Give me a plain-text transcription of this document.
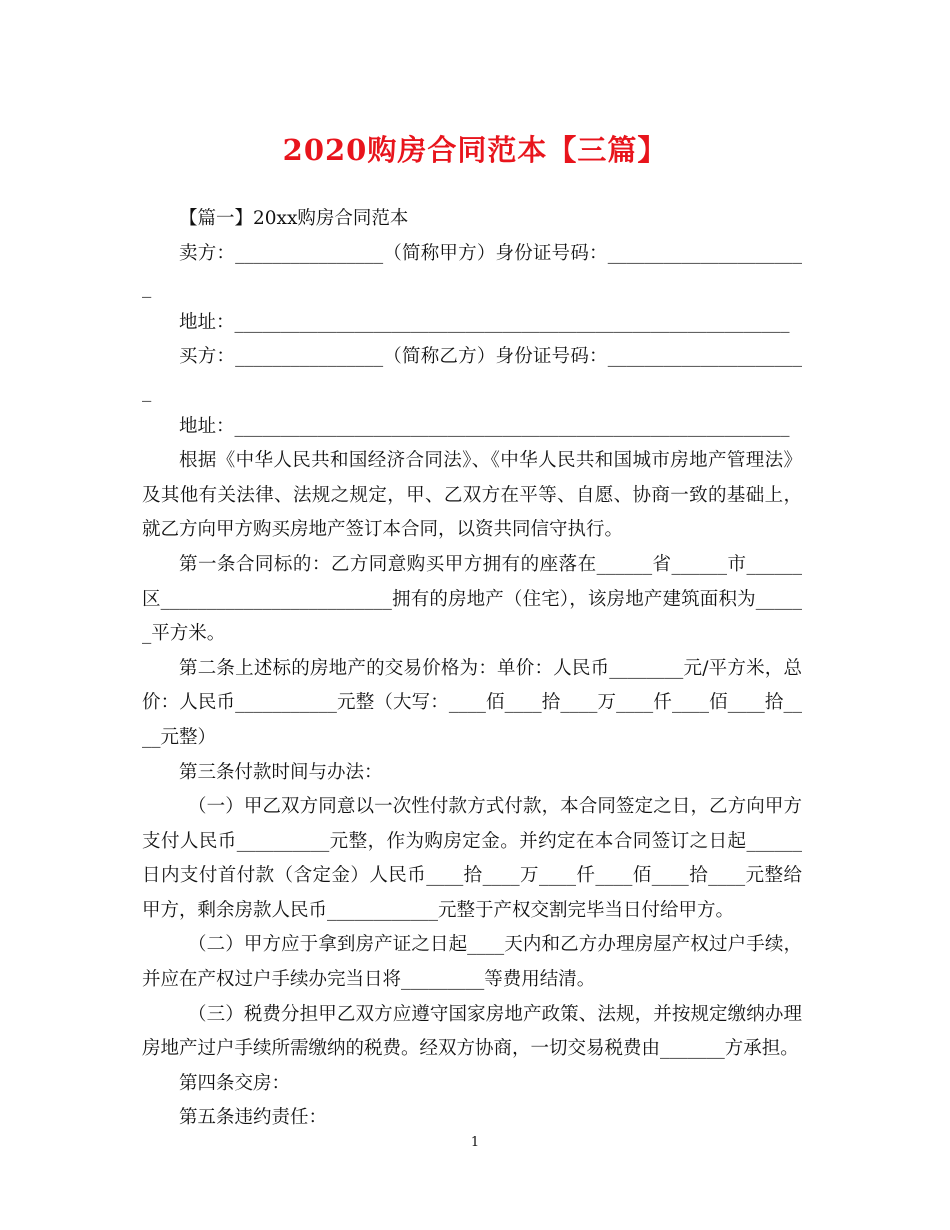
2020购房合同范本【三篇】

【篇一】20xx购房合同范本

卖方：________________（简称甲方）身份证号码：______________________

地址：____________________________________________________________

买方：________________（简称乙方）身份证号码：______________________

地址：____________________________________________________________

根据《中华人民共和国经济合同法》、《中华人民共和国城市房地产管理法》及其他有关法律、法规之规定，甲、乙双方在平等、自愿、协商一致的基础上，就乙方向甲方购买房地产签订本合同，以资共同信守执行。

第一条合同标的：乙方同意购买甲方拥有的座落在______省______市______区_________________________拥有的房地产（住宅），该房地产建筑面积为______平方米。

第二条上述标的房地产的交易价格为：单价：人民币________元/平方米，总价：人民币___________元整（大写：____佰____拾____万____仟____佰____拾____元整）

第三条付款时间与办法：

（一）甲乙双方同意以一次性付款方式付款，本合同签定之日，乙方向甲方支付人民币__________元整，作为购房定金。并约定在本合同签订之日起______日内支付首付款（含定金）人民币____拾____万____仟____佰____拾____元整给甲方，剩余房款人民币____________元整于产权交割完毕当日付给甲方。

（二）甲方应于拿到房产证之日起____天内和乙方办理房屋产权过户手续，并应在产权过户手续办完当日将_________等费用结清。

（三）税费分担甲乙双方应遵守国家房地产政策、法规，并按规定缴纳办理房地产过户手续所需缴纳的税费。经双方协商，一切交易税费由_______方承担。

第四条交房：

第五条违约责任：

1
